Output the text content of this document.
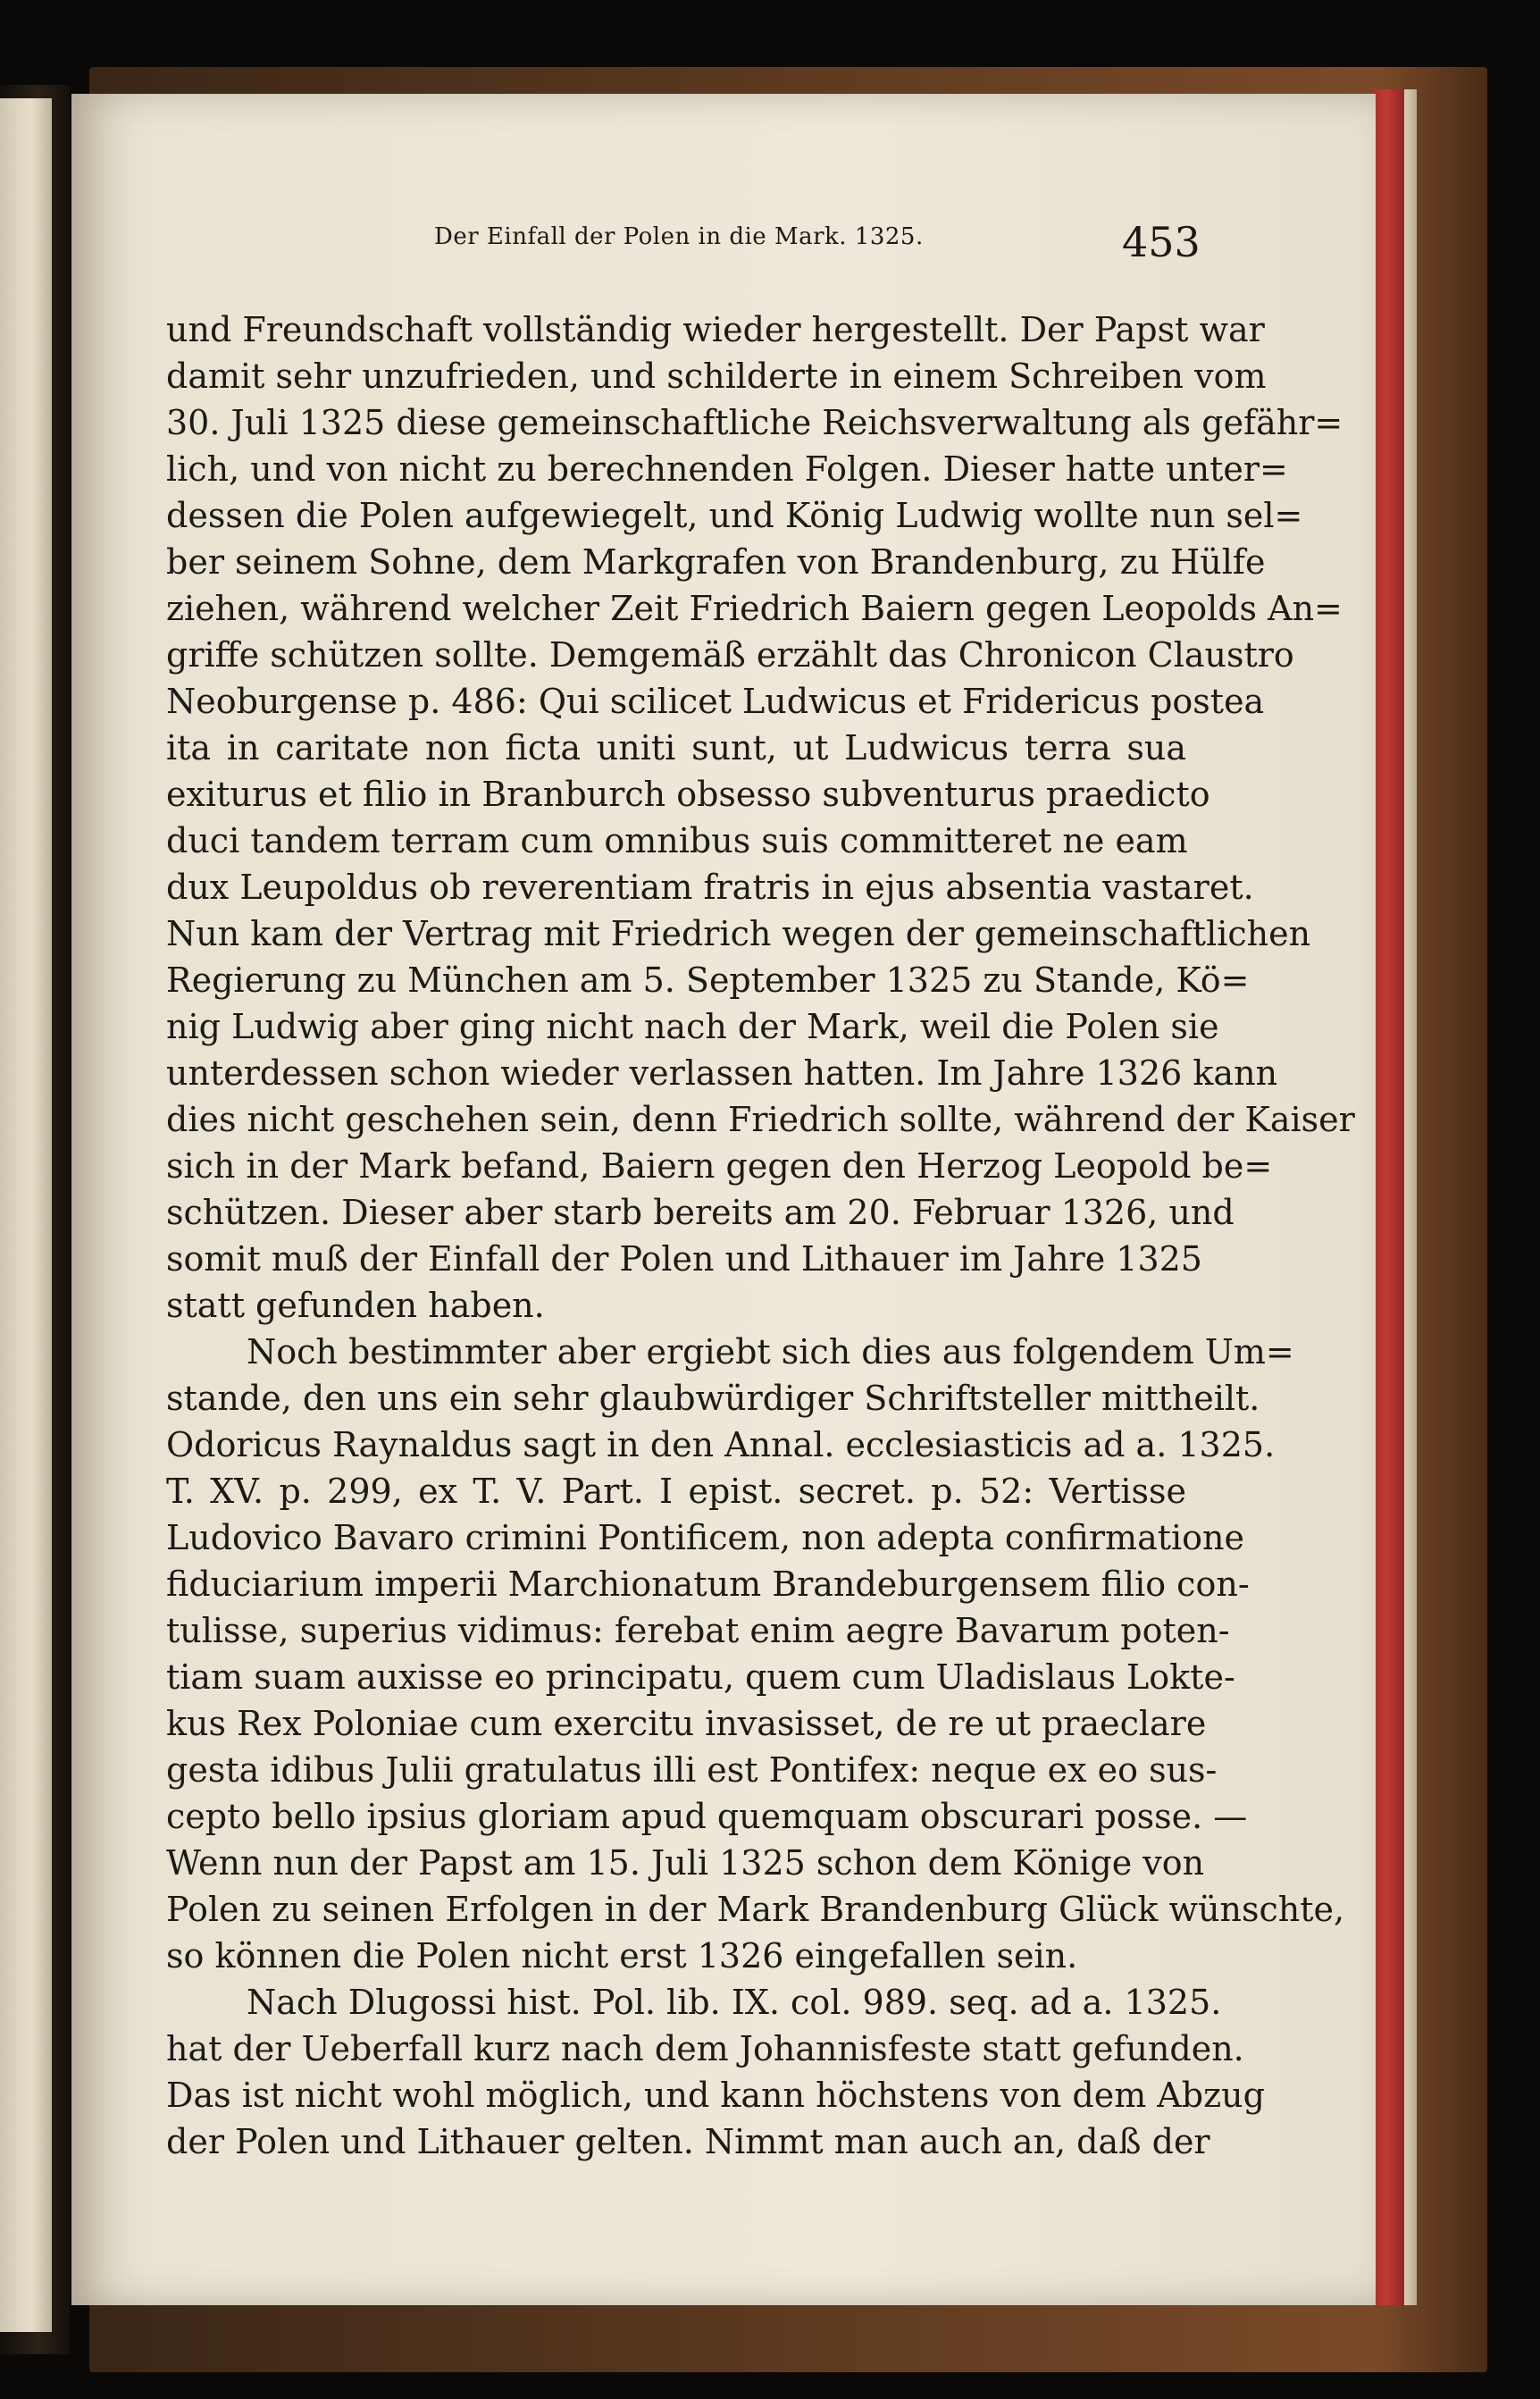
Der Einfall der Polen in die Mark. 1325.	453
und Freundschaft vollständig wieder hergestellt. Der Papst war
damit sehr unzufrieden, und schilderte in einem Schreiben vom
30. Juli 1325 diese gemeinschaftliche Reichsverwaltung als gefähr=
lich, und von nicht zu berechnenden Folgen. Dieser hatte unter=
dessen die Polen aufgewiegelt, und König Ludwig wollte nun sel=
ber seinem Sohne, dem Markgrafen von Brandenburg, zu Hülfe
ziehen, während welcher Zeit Friedrich Baiern gegen Leopolds An=
griffe schützen sollte. Demgemäß erzählt das Chronicon Claustro
Neoburgense p. 486: Qui scilicet Ludwicus et Fridericus postea
ita in caritate non ficta uniti sunt, ut Ludwicus terra sua
exiturus et filio in Branburch obsesso subventurus praedicto
duci tandem terram cum omnibus suis committeret ne eam
dux Leupoldus ob reverentiam fratris in ejus absentia vastaret.
Nun kam der Vertrag mit Friedrich wegen der gemeinschaftlichen
Regierung zu München am 5. September 1325 zu Stande, Kö=
nig Ludwig aber ging nicht nach der Mark, weil die Polen sie
unterdessen schon wieder verlassen hatten. Im Jahre 1326 kann
dies nicht geschehen sein, denn Friedrich sollte, während der Kaiser
sich in der Mark befand, Baiern gegen den Herzog Leopold be=
schützen. Dieser aber starb bereits am 20. Februar 1326, und
somit muß der Einfall der Polen und Lithauer im Jahre 1325
statt gefunden haben.
Noch bestimmter aber ergiebt sich dies aus folgendem Um=
stande, den uns ein sehr glaubwürdiger Schriftsteller mittheilt.
Odoricus Raynaldus sagt in den Annal. ecclesiasticis ad a. 1325.
T. XV. p. 299, ex T. V. Part. I epist. secret. p. 52: Vertisse
Ludovico Bavaro crimini Pontificem, non adepta confirmatione
fiduciarium imperii Marchionatum Brandeburgensem filio con-
tulisse, superius vidimus: ferebat enim aegre Bavarum poten-
tiam suam auxisse eo principatu, quem cum Uladislaus Lokte-
kus Rex Poloniae cum exercitu invasisset, de re ut praeclare
gesta idibus Julii gratulatus illi est Pontifex: neque ex eo sus-
cepto bello ipsius gloriam apud quemquam obscurari posse. —
Wenn nun der Papst am 15. Juli 1325 schon dem Könige von
Polen zu seinen Erfolgen in der Mark Brandenburg Glück wünschte,
so können die Polen nicht erst 1326 eingefallen sein.
Nach Dlugossi hist. Pol. lib. IX. col. 989. seq. ad a. 1325.
hat der Ueberfall kurz nach dem Johannisfeste statt gefunden.
Das ist nicht wohl möglich, und kann höchstens von dem Abzug
der Polen und Lithauer gelten. Nimmt man auch an, daß der
